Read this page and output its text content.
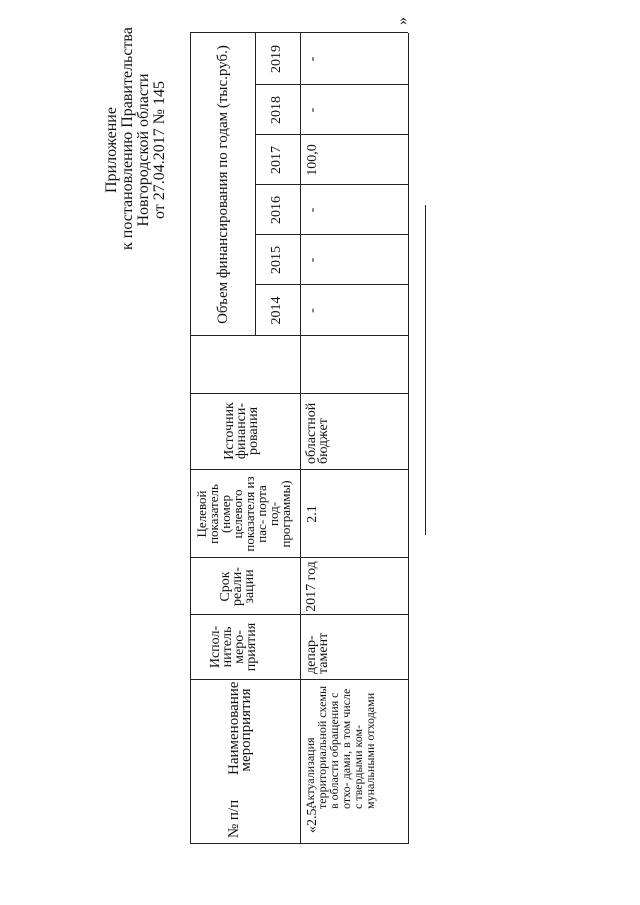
Приложение к постановлению Правительства Новгородской области от 27.04.2017 № 145
№ п/п
Наименование мероприятия
Испол- нитель меро- приятия
Срок реали- зации
Целевой показатель (номер целевого показателя из пас- порта под- программы)
Источник финанси- рования
Объем финансирования по годам (тыс.руб.)	2014
2015
2016
2017
2018
2019
«2.5.
Актуализация территориальной схемы в области обращения с отхо- дами, в том числе с твердыми ком- мунальными отходами
депар- тамент
2017 год
2.1
областной бюджет
-
-
-
100,0
-
-
»
